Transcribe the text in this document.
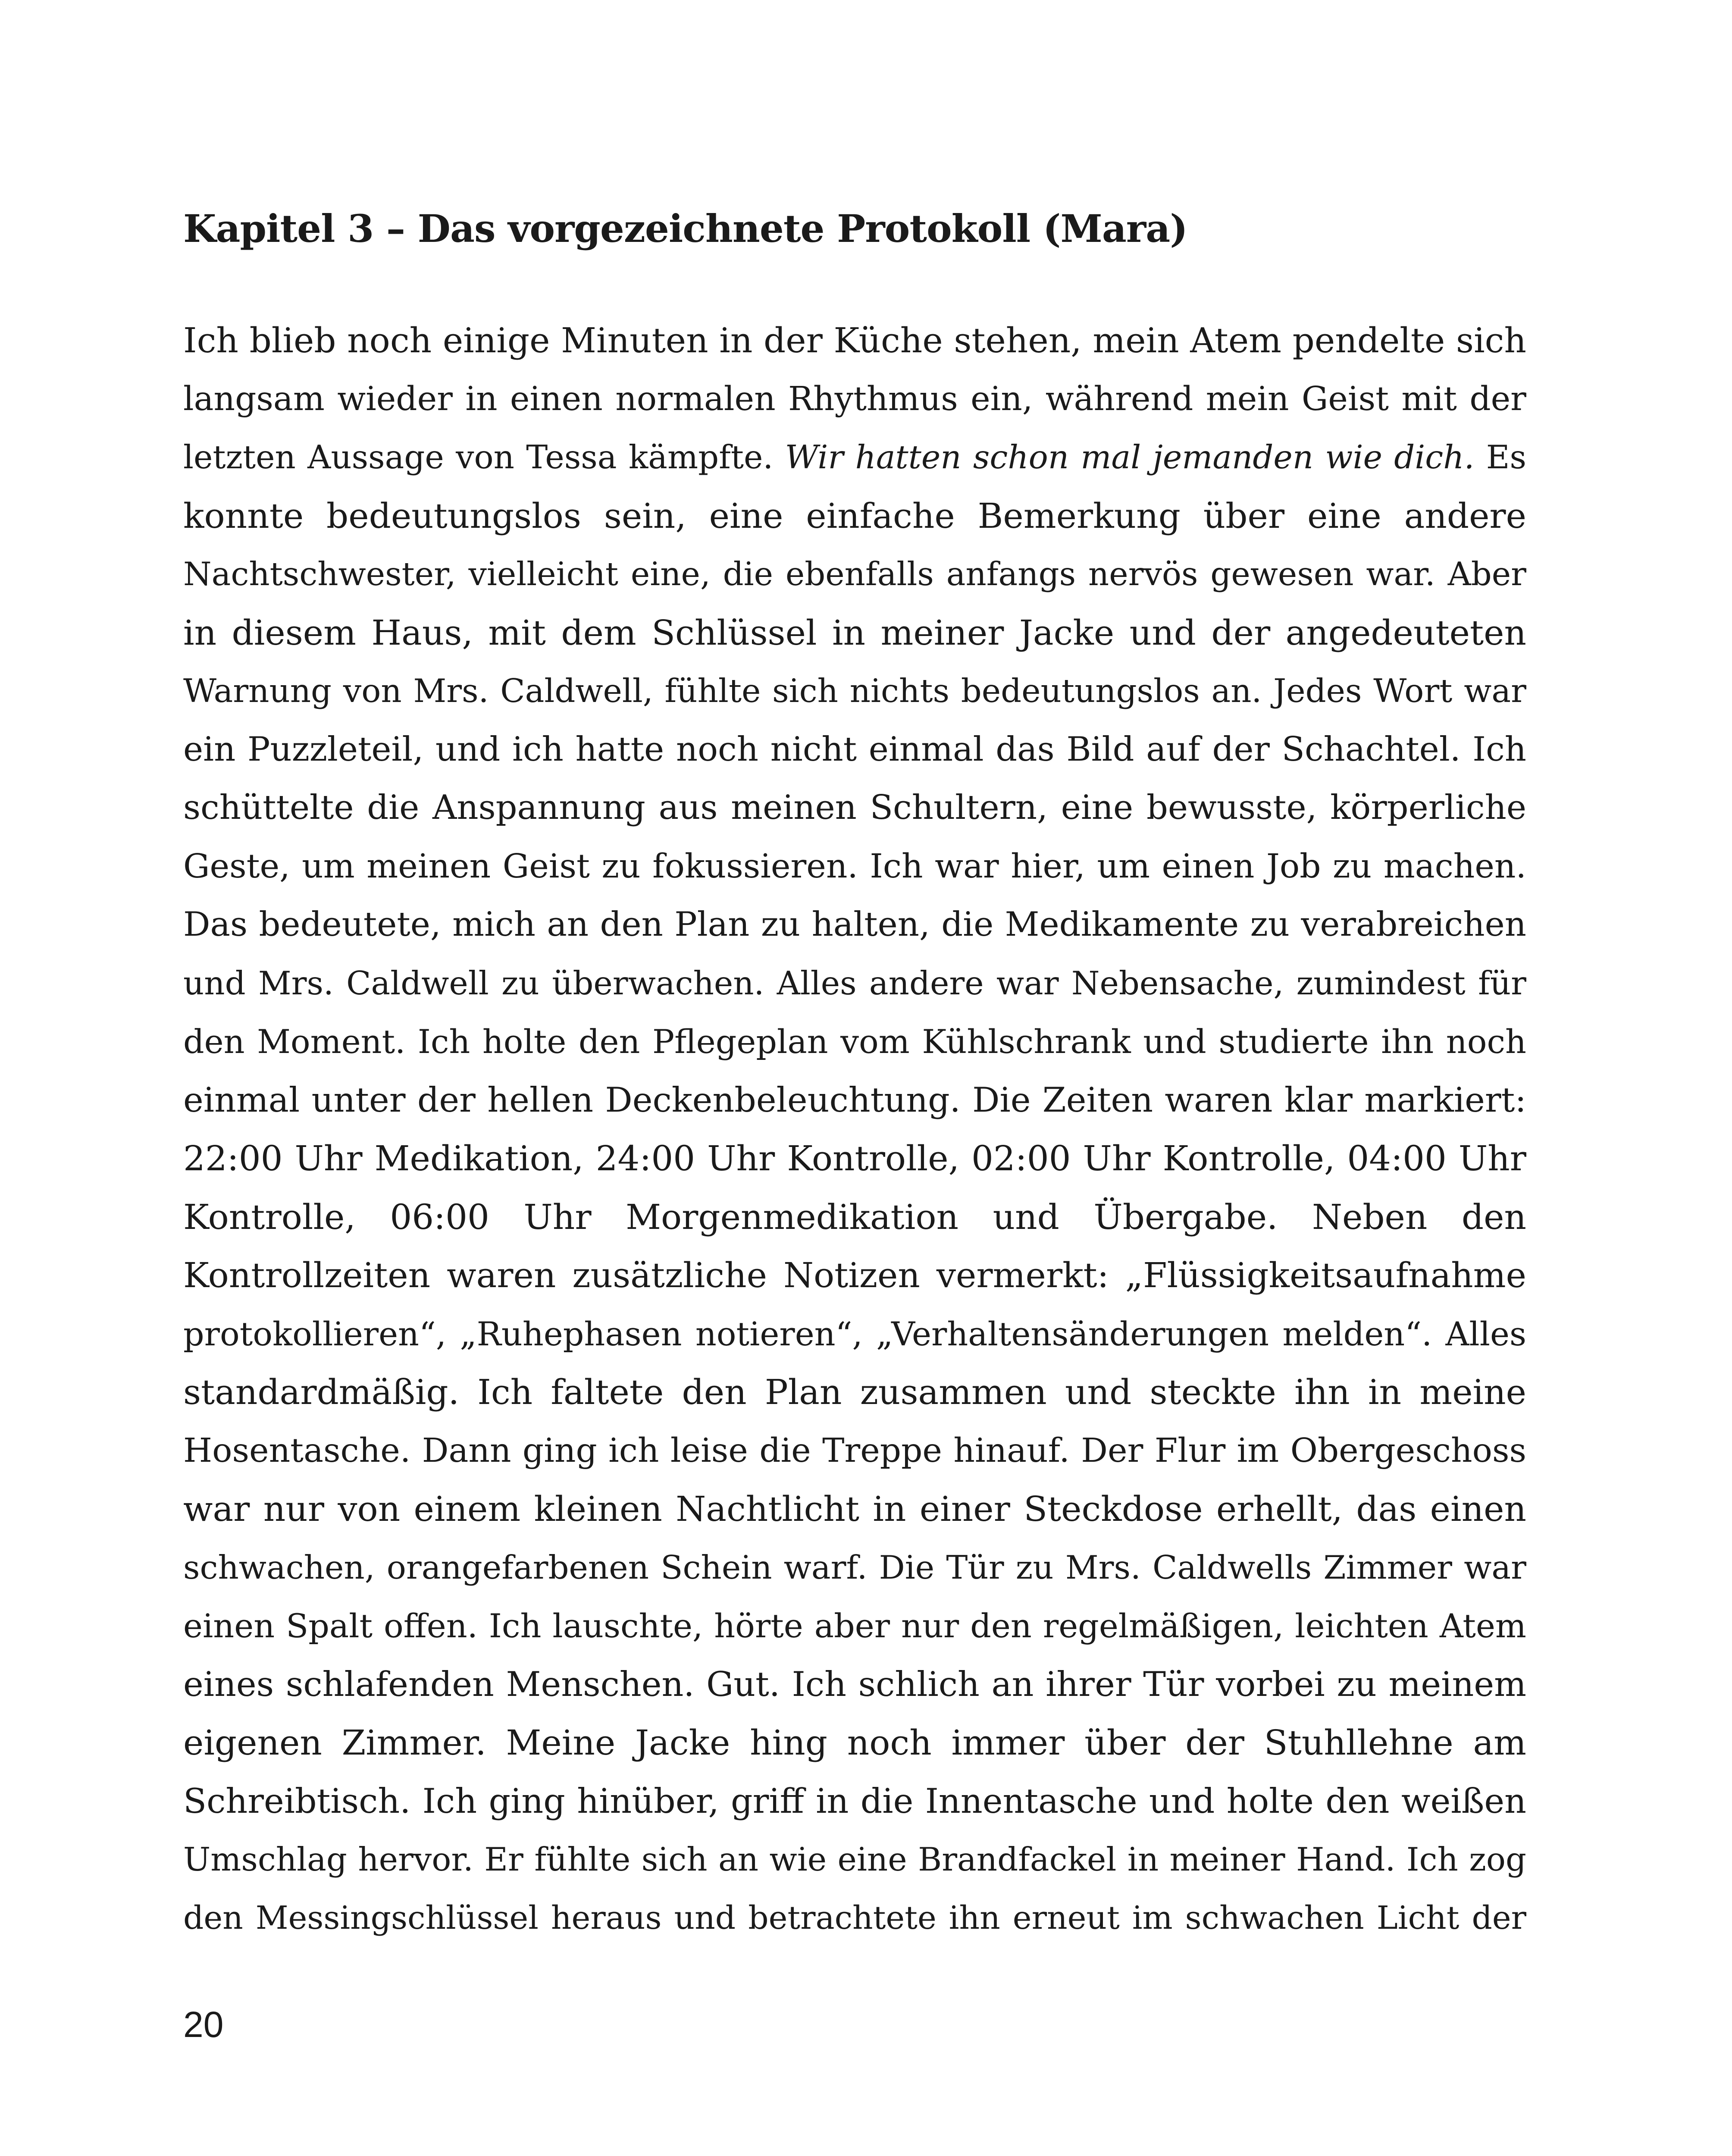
Kapitel 3 – Das vorgezeichnete Protokoll (Mara)
Ich blieb noch einige Minuten in der Küche stehen, mein Atem pendelte sich
langsam wieder in einen normalen Rhythmus ein, während mein Geist mit der
letzten Aussage von Tessa kämpfte. Wir hatten schon mal jemanden wie dich. Es
konnte bedeutungslos sein, eine einfache Bemerkung über eine andere
Nachtschwester, vielleicht eine, die ebenfalls anfangs nervös gewesen war. Aber
in diesem Haus, mit dem Schlüssel in meiner Jacke und der angedeuteten
Warnung von Mrs. Caldwell, fühlte sich nichts bedeutungslos an. Jedes Wort war
ein Puzzleteil, und ich hatte noch nicht einmal das Bild auf der Schachtel. Ich
schüttelte die Anspannung aus meinen Schultern, eine bewusste, körperliche
Geste, um meinen Geist zu fokussieren. Ich war hier, um einen Job zu machen.
Das bedeutete, mich an den Plan zu halten, die Medikamente zu verabreichen
und Mrs. Caldwell zu überwachen. Alles andere war Nebensache, zumindest für
den Moment. Ich holte den Pflegeplan vom Kühlschrank und studierte ihn noch
einmal unter der hellen Deckenbeleuchtung. Die Zeiten waren klar markiert:
22:00 Uhr Medikation, 24:00 Uhr Kontrolle, 02:00 Uhr Kontrolle, 04:00 Uhr
Kontrolle, 06:00 Uhr Morgenmedikation und Übergabe. Neben den
Kontrollzeiten waren zusätzliche Notizen vermerkt: „Flüssigkeitsaufnahme
protokollieren“, „Ruhephasen notieren“, „Verhaltensänderungen melden“. Alles
standardmäßig. Ich faltete den Plan zusammen und steckte ihn in meine
Hosentasche. Dann ging ich leise die Treppe hinauf. Der Flur im Obergeschoss
war nur von einem kleinen Nachtlicht in einer Steckdose erhellt, das einen
schwachen, orangefarbenen Schein warf. Die Tür zu Mrs. Caldwells Zimmer war
einen Spalt offen. Ich lauschte, hörte aber nur den regelmäßigen, leichten Atem
eines schlafenden Menschen. Gut. Ich schlich an ihrer Tür vorbei zu meinem
eigenen Zimmer. Meine Jacke hing noch immer über der Stuhllehne am
Schreibtisch. Ich ging hinüber, griff in die Innentasche und holte den weißen
Umschlag hervor. Er fühlte sich an wie eine Brandfackel in meiner Hand. Ich zog
den Messingschlüssel heraus und betrachtete ihn erneut im schwachen Licht der
20
